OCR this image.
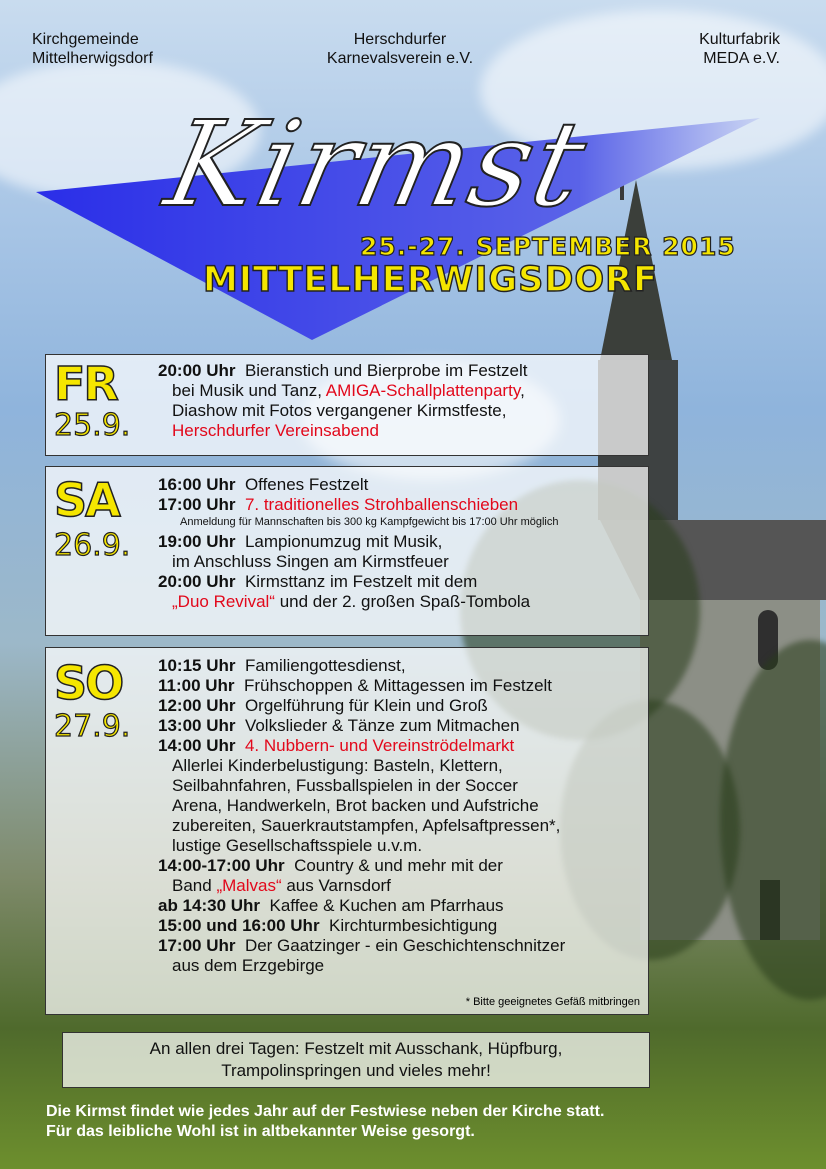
Kirchgemeinde
Mittelherwigsdorf
Herschdurfer
Karnevalsverein e.V.
Kulturfabrik
MEDA e.V.
Kirmst
25.-27. SEPTEMBER 2015
MITTELHERWIGSDORF
FR
25.9.
20:00 Uhr Bieranstich und Bierprobe im Festzelt
bei Musik und Tanz, AMIGA-Schallplattenparty,
Diashow mit Fotos vergangener Kirmstfeste,
Herschdurfer Vereinsabend
SA
26.9.
16:00 Uhr Offenes Festzelt
17:00 Uhr 7. traditionelles Strohballenschieben
Anmeldung für Mannschaften bis 300 kg Kampfgewicht bis 17:00 Uhr möglich
19:00 Uhr Lampionumzug mit Musik,
im Anschluss Singen am Kirmstfeuer
20:00 Uhr Kirmsttanz im Festzelt mit dem
„Duo Revival“ und der 2. großen Spaß-Tombola
SO
27.9.
10:15 Uhr Familiengottesdienst,
11:00 Uhr Frühschoppen & Mittagessen im Festzelt
12:00 Uhr Orgelführung für Klein und Groß
13:00 Uhr Volkslieder & Tänze zum Mitmachen
14:00 Uhr 4. Nubbern- und Vereinströdelmarkt
Allerlei Kinderbelustigung: Basteln, Klettern,
Seilbahnfahren, Fussballspielen in der Soccer
Arena, Handwerkeln, Brot backen und Aufstriche
zubereiten, Sauerkrautstampfen, Apfelsaftpressen*,
lustige Gesellschaftsspiele u.v.m.
14:00-17:00 Uhr Country & und mehr mit der
Band „Malvas“ aus Varnsdorf
ab 14:30 Uhr Kaffee & Kuchen am Pfarrhaus
15:00 und 16:00 Uhr Kirchturmbesichtigung
17:00 Uhr Der Gaatzinger - ein Geschichtenschnitzer
aus dem Erzgebirge
* Bitte geeignetes Gefäß mitbringen
An allen drei Tagen: Festzelt mit Ausschank, Hüpfburg,
Trampolinspringen und vieles mehr!
Die Kirmst findet wie jedes Jahr auf der Festwiese neben der Kirche statt.
Für das leibliche Wohl ist in altbekannter Weise gesorgt.
